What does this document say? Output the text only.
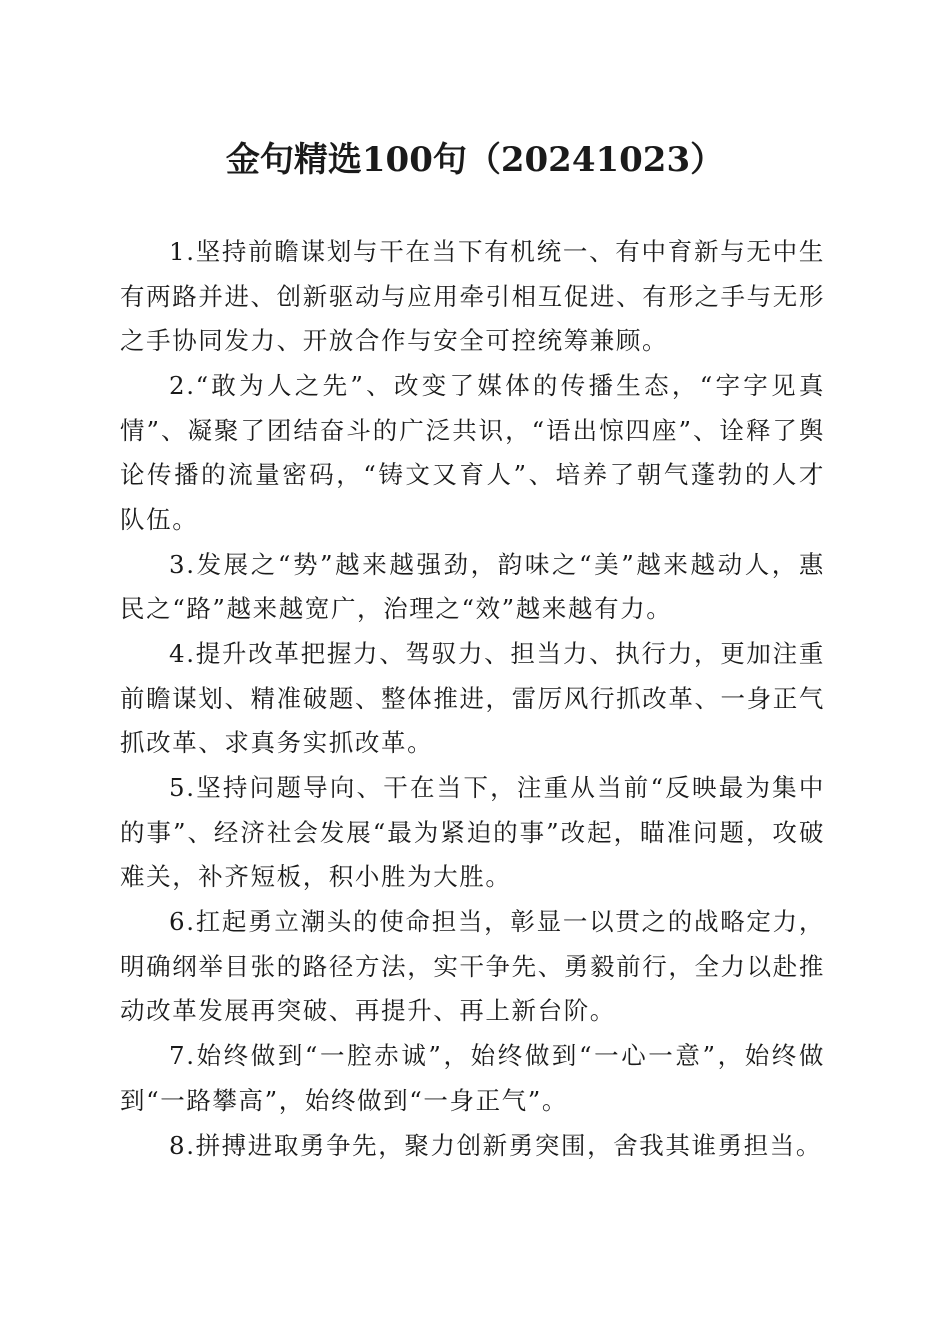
金句精选100句（20241023）

1.坚持前瞻谋划与干在当下有机统一、有中育新与无中生有两路并进、创新驱动与应用牵引相互促进、有形之手与无形之手协同发力、开放合作与安全可控统筹兼顾。

2.“敢为人之先”、改变了媒体的传播生态，“字字见真情”、凝聚了团结奋斗的广泛共识，“语出惊四座”、诠释了舆论传播的流量密码，“铸文又育人”、培养了朝气蓬勃的人才队伍。

3.发展之“势”越来越强劲，韵味之“美”越来越动人，惠民之“路”越来越宽广，治理之“效”越来越有力。

4.提升改革把握力、驾驭力、担当力、执行力，更加注重前瞻谋划、精准破题、整体推进，雷厉风行抓改革、一身正气抓改革、求真务实抓改革。

5.坚持问题导向、干在当下，注重从当前“反映最为集中的事”、经济社会发展“最为紧迫的事”改起，瞄准问题，攻破难关，补齐短板，积小胜为大胜。

6.扛起勇立潮头的使命担当，彰显一以贯之的战略定力，明确纲举目张的路径方法，实干争先、勇毅前行，全力以赴推动改革发展再突破、再提升、再上新台阶。

7.始终做到“一腔赤诚”，始终做到“一心一意”，始终做到“一路攀高”，始终做到“一身正气”。

8.拼搏进取勇争先，聚力创新勇突围，舍我其谁勇担当。
